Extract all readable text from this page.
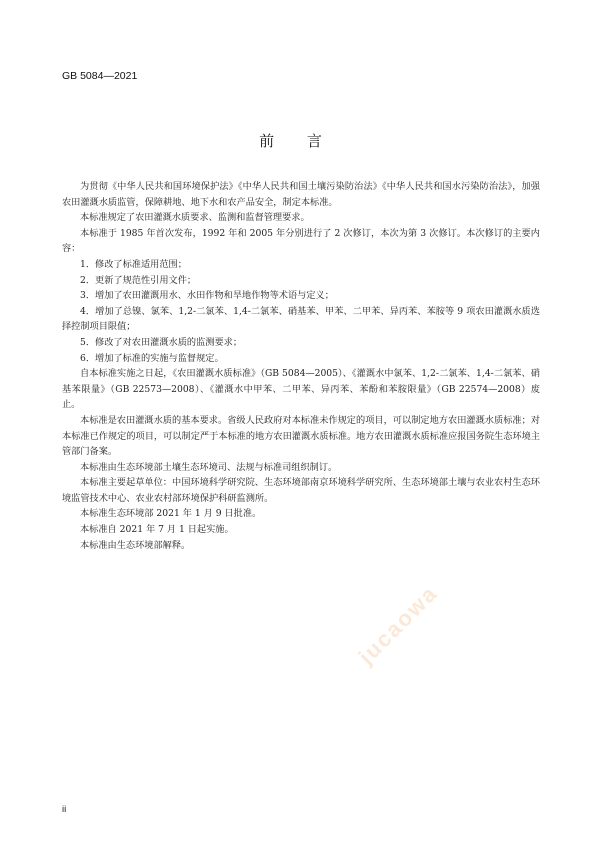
GB 5084—2021
前 言

为贯彻《中华人民共和国环境保护法》《中华人民共和国土壤污染防治法》《中华人民共和国水污染防治法》，加强农田灌溉水质监管，保障耕地、地下水和农产品安全，制定本标准。

本标准规定了农田灌溉水质要求、监测和监督管理要求。

本标准于 1985 年首次发布，1992 年和 2005 年分别进行了 2 次修订，本次为第 3 次修订。本次修订的主要内容：

1．修改了标准适用范围；

2．更新了规范性引用文件；

3．增加了农田灌溉用水、水田作物和旱地作物等术语与定义；

4．增加了总镍、氯苯、1,2-二氯苯、1,4-二氯苯、硝基苯、甲苯、二甲苯、异丙苯、苯胺等 9 项农田灌溉水质选择控制项目限值；

5．修改了对农田灌溉水质的监测要求；

6．增加了标准的实施与监督规定。

自本标准实施之日起，《农田灌溉水质标准》（GB 5084—2005）、《灌溉水中氯苯、1,2-二氯苯、1,4-二氯苯、硝基苯限量》（GB 22573—2008）、《灌溉水中甲苯、二甲苯、异丙苯、苯酚和苯胺限量》（GB 22574—2008）废止。

本标准是农田灌溉水质的基本要求。省级人民政府对本标准未作规定的项目，可以制定地方农田灌溉水质标准；对本标准已作规定的项目，可以制定严于本标准的地方农田灌溉水质标准。地方农田灌溉水质标准应报国务院生态环境主管部门备案。

本标准由生态环境部土壤生态环境司、法规与标准司组织制订。

本标准主要起草单位：中国环境科学研究院、生态环境部南京环境科学研究所、生态环境部土壤与农业农村生态环境监管技术中心、农业农村部环境保护科研监测所。

本标准生态环境部 2021 年 1 月 9 日批准。

本标准自 2021 年 7 月 1 日起实施。

本标准由生态环境部解释。

jucaowa
ii
